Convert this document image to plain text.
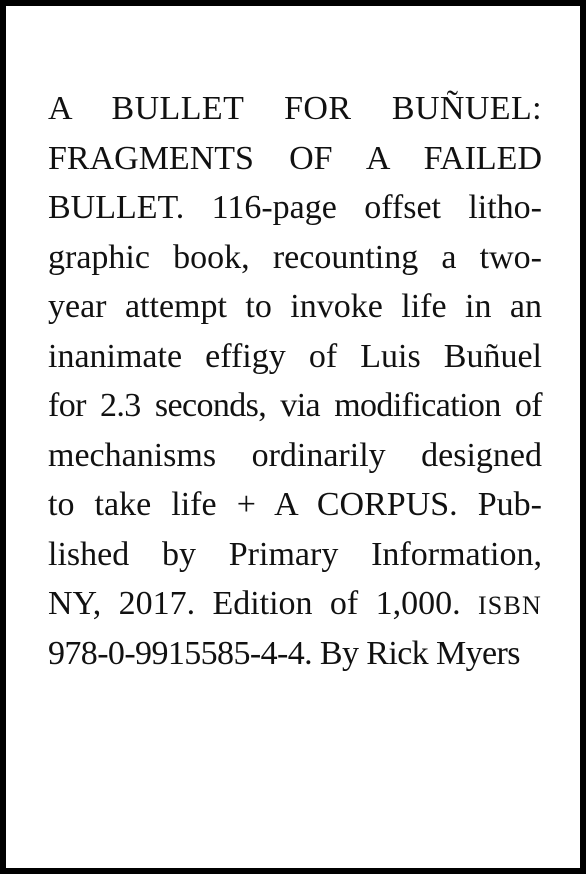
A BULLET FOR BUÑUEL:
FRAGMENTS OF A FAILED
BULLET. 116-page offset litho-
graphic book, recounting a two-
year attempt to invoke life in an
inanimate effigy of Luis Buñuel
for 2.3 seconds, via modification of
mechanisms ordinarily designed
to take life + A CORPUS. Pub-
lished by Primary Information,
NY, 2017. Edition of 1,000. ISBN
978-0-9915585-4-4. By Rick Myers
